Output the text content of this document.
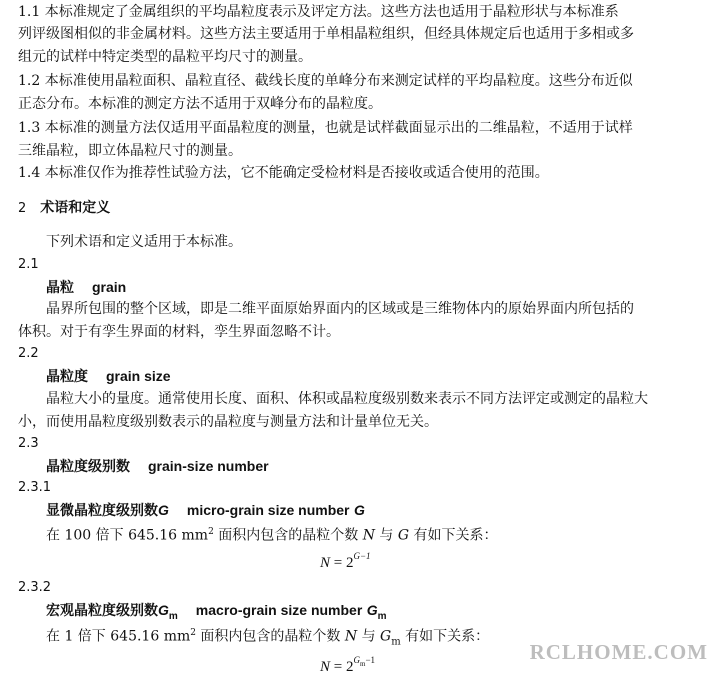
1.1 本标准规定了金属组织的平均晶粒度表示及评定方法。这些方法也适用于晶粒形状与本标准系
列评级图相似的非金属材料。这些方法主要适用于单相晶粒组织，但经具体规定后也适用于多相或多
组元的试样中特定类型的晶粒平均尺寸的测量。
1.2 本标准使用晶粒面积、晶粒直径、截线长度的单峰分布来测定试样的平均晶粒度。这些分布近似
正态分布。本标准的测定方法不适用于双峰分布的晶粒度。
1.3 本标准的测量方法仅适用平面晶粒度的测量，也就是试样截面显示出的二维晶粒，不适用于试样
三维晶粒，即立体晶粒尺寸的测量。
1.4 本标准仅作为推荐性试验方法，它不能确定受检材料是否接收或适合使用的范围。
2 术语和定义
下列术语和定义适用于本标准。
2.1
晶粒 grain
晶界所包围的整个区域，即是二维平面原始界面内的区域或是三维物体内的原始界面内所包括的
体积。对于有孪生界面的材料，孪生界面忽略不计。
2.2
晶粒度 grain size
晶粒大小的量度。通常使用长度、面积、体积或晶粒度级别数来表示不同方法评定或测定的晶粒大
小，而使用晶粒度级别数表示的晶粒度与测量方法和计量单位无关。
2.3
晶粒度级别数 grain-size number
2.3.1
显微晶粒度级别数G micro-grain size number G
在 100 倍下 645.16 $mm^2$ 面积内包含的晶粒个数 N 与 G 有如下关系：
$N = 2^{G-1}$
2.3.2
宏观晶粒度级别数$G_m$ macro-grain size number $G_m$
在 1 倍下 645.16 $mm^2$ 面积内包含的晶粒个数 N 与 $G_m$ 有如下关系：
$N = 2^{G_m-1}$	RCLHOME.COM
